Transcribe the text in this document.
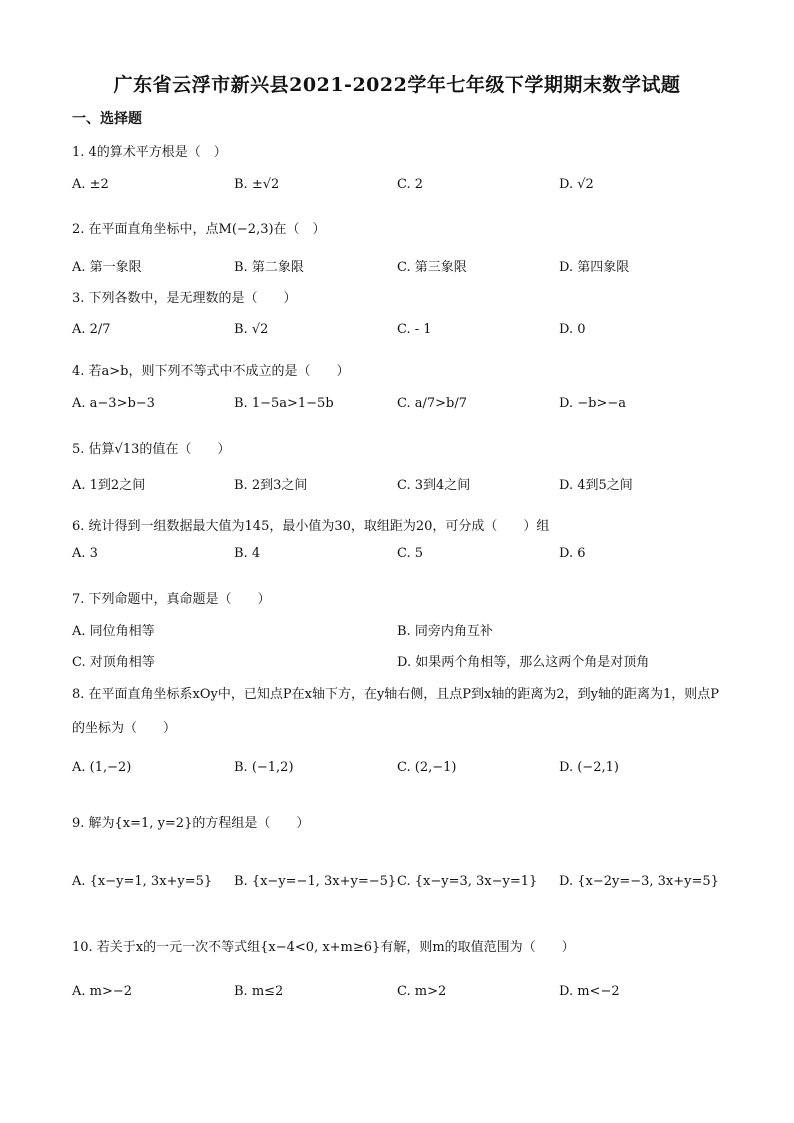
广东省云浮市新兴县2021-2022学年七年级下学期期末数学试题
一、选择题
1. 4的算术平方根是（　）
A. ±2	B. ±√2	C. 2	D. √2
2. 在平面直角坐标中，点M(−2,3)在（　）
A. 第一象限	B. 第二象限	C. 第三象限	D. 第四象限
3. 下列各数中，是无理数的是（　　）
A. 2/7	B. √2	C. - 1	D. 0
4. 若a>b，则下列不等式中不成立的是（　　）
A. a−3>b−3	B. 1−5a>1−5b	C. a/7>b/7	D. −b>−a
5. 估算√13的值在（　　）
A. 1到2之间	B. 2到3之间	C. 3到4之间	D. 4到5之间
6. 统计得到一组数据最大值为145，最小值为30，取组距为20，可分成（　　）组
A. 3	B. 4	C. 5	D. 6
7. 下列命题中，真命题是（　　）
A. 同位角相等	B. 同旁内角互补
C. 对顶角相等	D. 如果两个角相等，那么这两个角是对顶角
8. 在平面直角坐标系xOy中，已知点P在x轴下方，在y轴右侧，且点P到x轴的距离为2，到y轴的距离为1，则点P的坐标为（　　）
A. (1,−2)	B. (−1,2)	C. (2,−1)	D. (−2,1)
9. 解为{x=1, y=2}的方程组是（　　）
A. {x−y=1, 3x+y=5} B. {x−y=−1, 3x+y=−5} C. {x−y=3, 3x−y=1} D. {x−2y=−3, 3x+y=5}
10. 若关于x的一元一次不等式组{x−4<0, x+m≥6}有解，则m的取值范围为（　　）
A. m>−2	B. m≤2	C. m>2	D. m<−2
